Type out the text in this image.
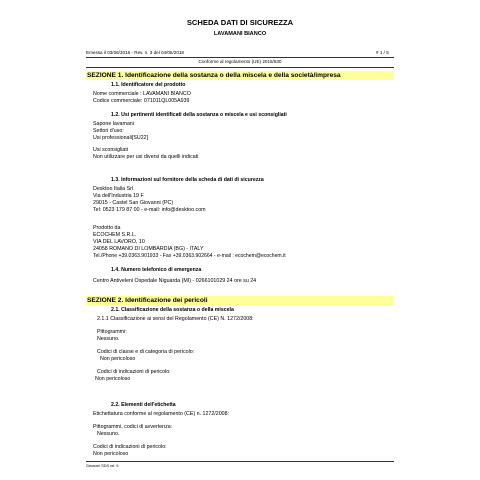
SCHEDA DATI DI SICUREZZA
LAVAMANI BIANCO
Emessa il 03/06/2016 - Rev. n. 3 del 04/05/2018	# 1 / 5
Conforme al regolamento (UE) 2015/830
SEZIONE 1. Identificazione della sostanza o della miscela e della società/impresa
1.1. Identificatore del prodotto
Nome commerciale : LAVAMANI BIANCO
Codice commerciale: 071011QL005A939
1.2. Usi pertinenti identificati della sostanza o miscela e usi sconsigliati
Sapone lavamani
Settori d'uso:
Usi professionali[SU22]
Usi sconsigliati
Non utilizzare per usi diversi da quelli indicati
1.3. Informazioni sul fornitore della scheda di dati di sicurezza
Desktoo Italia Srl
Via dell'Industria 19 F
29015 - Castel San Giovanni (PC)
Tel: 0523 179 87 00 - e-mail: info@desktoo.com
Prodotto da
ECOCHEM S.R.L.
VIA DEL LAVORO, 10
24058 ROMANO DI LOMBARDIA (BG) - ITALY
Tel./Phone +39.0363.901933 - Fax +39.0363.902664 - e-mail : ecochem@ecochem.it
1.4. Numero telefonico di emergenza
Centro Antiveleni Ospedale Niguarda (MI) - 0266101029 24 ore su 24
SEZIONE 2. Identificazione dei pericoli
2.1. Classificazione della sostanza o della miscela
2.1.1 Classificazione ai sensi del Regolamento (CE) N. 1272/2008:
Pittogrammi:
Nessuno.
Codici di classe e di categoria di pericolo:
Non pericoloso
Codici di indicazioni di pericolo:
Non pericoloso
2.2. Elementi dell'etichetta
Etichettatura conforme al regolamento (CE) n. 1272/2008:
Pittogrammi, codici di avvertenza:
Nessuno.
Codici di indicazioni di pericolo:
Non pericoloso
Geosoni SDS rel. 6
